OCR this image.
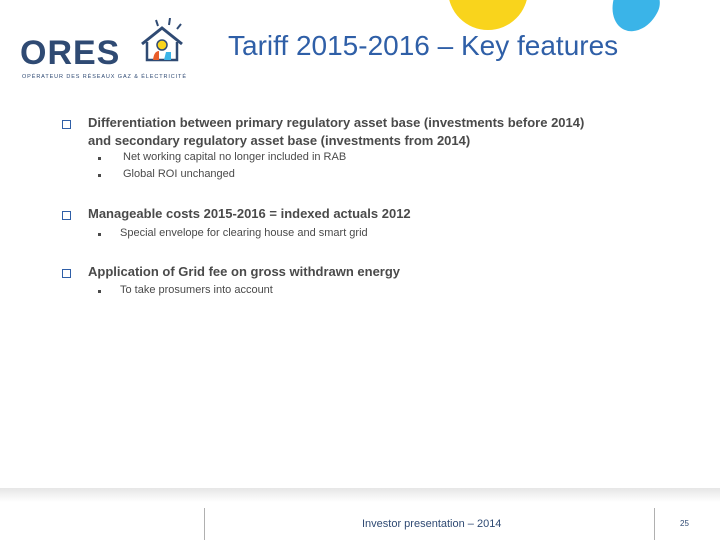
ORES
OPÉRATEUR DES RÉSEAUX GAZ & ÉLECTRICITÉ
Tariff 2015-2016 – Key features
Differentiation between primary regulatory asset base (investments before 2014)
and secondary regulatory asset base (investments from 2014)
Net working capital no longer included in RAB
Global ROI unchanged
Manageable costs 2015-2016 = indexed actuals 2012
Special envelope for clearing house and smart grid
Application of Grid fee on gross withdrawn energy
To take prosumers into account
Investor presentation – 2014	25
